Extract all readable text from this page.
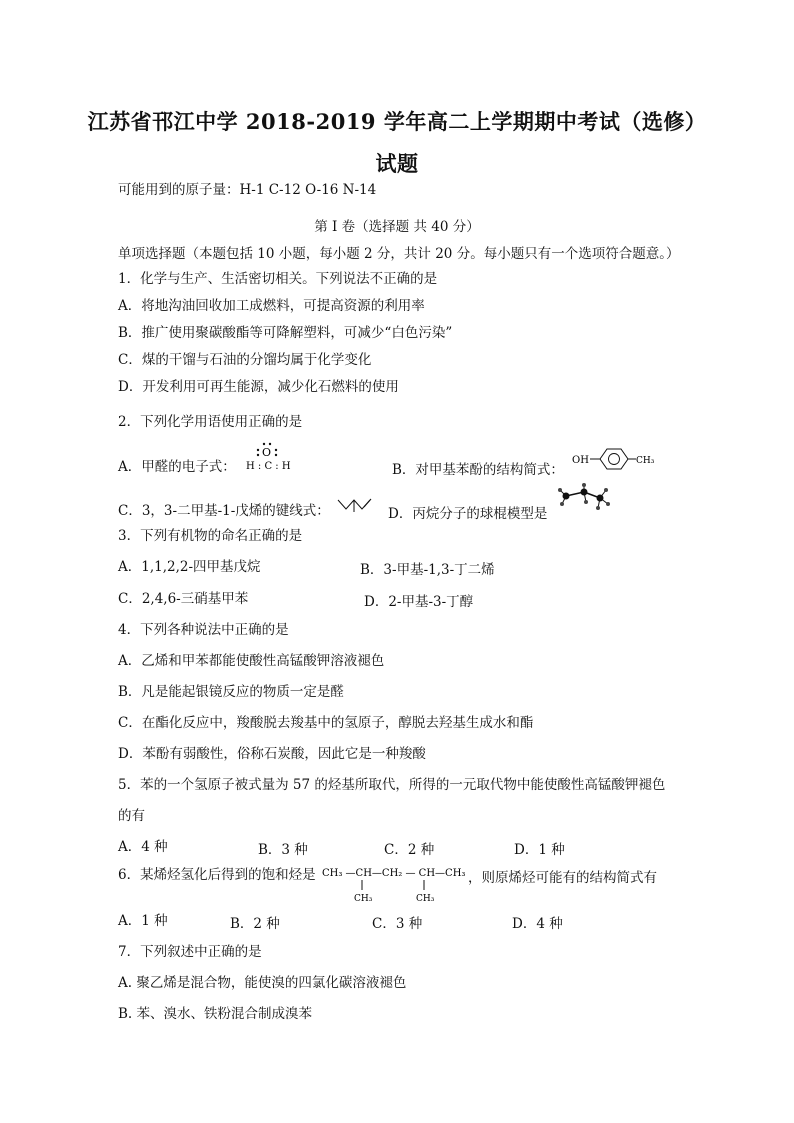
江苏省邗江中学 2018-2019 学年高二上学期期中考试（选修）
试题
可能用到的原子量：H-1 C-12 O-16 N-14
第 I 卷（选择题 共 40 分）
单项选择题（本题包括 10 小题，每小题 2 分，共计 20 分。每小题只有一个选项符合题意。）
1．化学与生产、生活密切相关。下列说法不正确的是
A．将地沟油回收加工成燃料，可提高资源的利用率
B．推广使用聚碳酸酯等可降解塑料，可减少“白色污染”
C．煤的干馏与石油的分馏均属于化学变化
D．开发利用可再生能源，减少化石燃料的使用
2．下列化学用语使用正确的是
A．甲醛的电子式：
O
H : C : H	B．对甲基苯酚的结构简式：
OH	CH₃
C．3，3-二甲基-1-戊烯的键线式：	D．丙烷分子的球棍模型是
3．下列有机物的命名正确的是
A．1,1,2,2-四甲基戊烷	B．3-甲基-1,3-丁二烯
C．2,4,6-三硝基甲苯	D．2-甲基-3-丁醇
4．下列各种说法中正确的是
A．乙烯和甲苯都能使酸性高锰酸钾溶液褪色
B．凡是能起银镜反应的物质一定是醛
C．在酯化反应中，羧酸脱去羧基中的氢原子，醇脱去羟基生成水和酯
D．苯酚有弱酸性，俗称石炭酸，因此它是一种羧酸
5．苯的一个氢原子被式量为 57 的烃基所取代，所得的一元取代物中能使酸性高锰酸钾褪色
的有
A．4 种	B．3 种	C．2 种	D．1 种
6．某烯烃氢化后得到的饱和烃是 CH₃ —CH—CH₂ — CH—CH₃
CH₃	CH₃
，则原烯烃可能有的结构简式有
A．1 种	B．2 种	C．3 种	D．4 种
7．下列叙述中正确的是
A. 聚乙烯是混合物，能使溴的四氯化碳溶液褪色
B. 苯、溴水、铁粉混合制成溴苯
